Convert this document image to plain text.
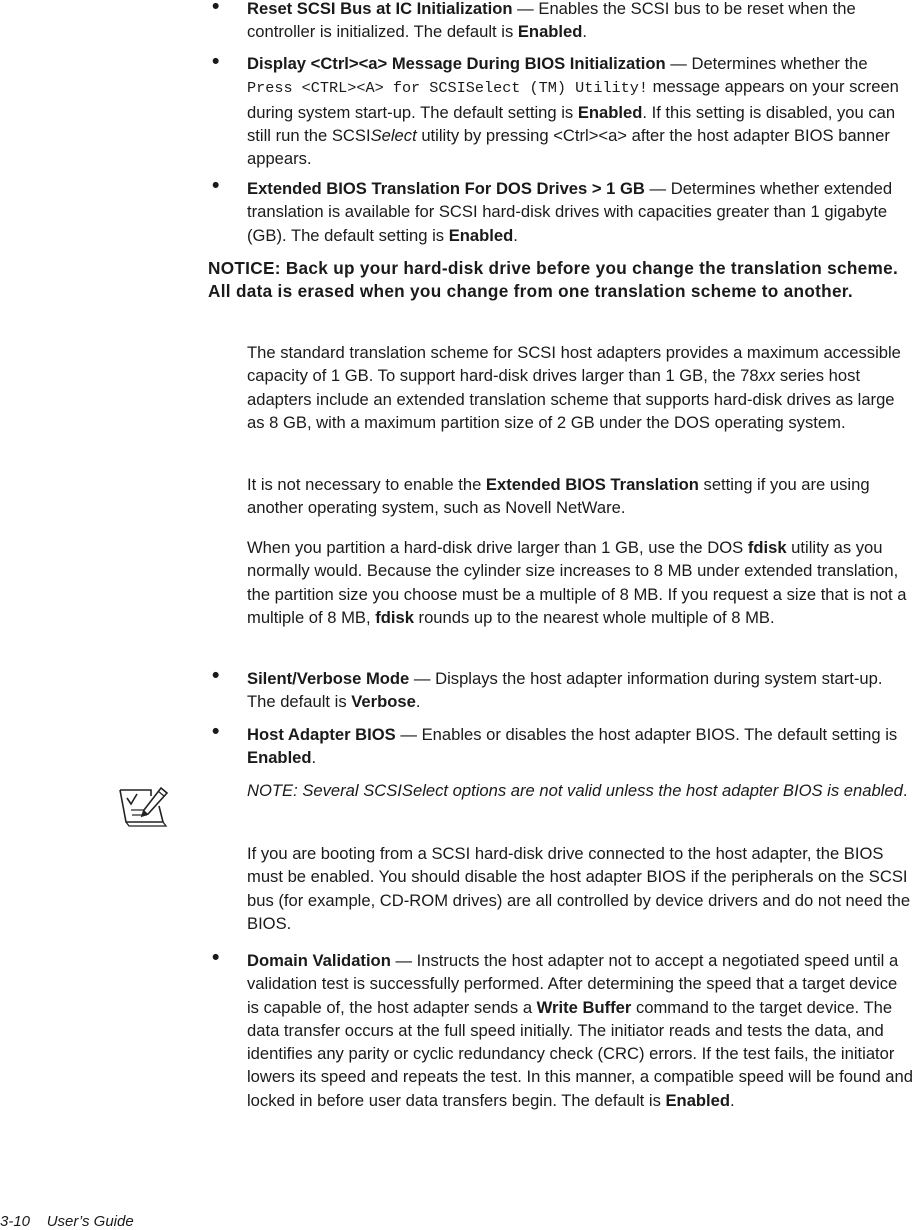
• Reset SCSI Bus at IC Initialization — Enables the SCSI bus to be reset when the controller is initialized. The default is Enabled.

• Display <Ctrl><a> Message During BIOS Initialization — Determines whether the Press <CTRL><A> for SCSISelect (TM) Utility! message appears on your screen during system start-up. The default setting is Enabled. If this setting is disabled, you can still run the SCSISelect utility by pressing <Ctrl><a> after the host adapter BIOS banner appears.

• Extended BIOS Translation For DOS Drives > 1 GB — Determines whether extended translation is available for SCSI hard-disk drives with capacities greater than 1 gigabyte (GB). The default setting is Enabled.

NOTICE: Back up your hard-disk drive before you change the translation scheme. All data is erased when you change from one translation scheme to another.

The standard translation scheme for SCSI host adapters provides a maximum accessible capacity of 1 GB. To support hard-disk drives larger than 1 GB, the 78xx series host adapters include an extended translation scheme that supports hard-disk drives as large as 8 GB, with a maximum partition size of 2 GB under the DOS operating system.

It is not necessary to enable the Extended BIOS Translation setting if you are using another operating system, such as Novell NetWare.

When you partition a hard-disk drive larger than 1 GB, use the DOS fdisk utility as you normally would. Because the cylinder size increases to 8 MB under extended translation, the partition size you choose must be a multiple of 8 MB. If you request a size that is not a multiple of 8 MB, fdisk rounds up to the nearest whole multiple of 8 MB.

• Silent/Verbose Mode — Displays the host adapter information during system start-up. The default is Verbose.

• Host Adapter BIOS — Enables or disables the host adapter BIOS. The default setting is Enabled.

NOTE: Several SCSISelect options are not valid unless the host adapter BIOS is enabled.

If you are booting from a SCSI hard-disk drive connected to the host adapter, the BIOS must be enabled. You should disable the host adapter BIOS if the peripherals on the SCSI bus (for example, CD-ROM drives) are all controlled by device drivers and do not need the BIOS.

• Domain Validation — Instructs the host adapter not to accept a negotiated speed until a validation test is successfully performed. After determining the speed that a target device is capable of, the host adapter sends a Write Buffer command to the target device. The data transfer occurs at the full speed initially. The initiator reads and tests the data, and identifies any parity or cyclic redundancy check (CRC) errors. If the test fails, the initiator lowers its speed and repeats the test. In this manner, a compatible speed will be found and locked in before user data transfers begin. The default is Enabled.

3-10 User’s Guide
